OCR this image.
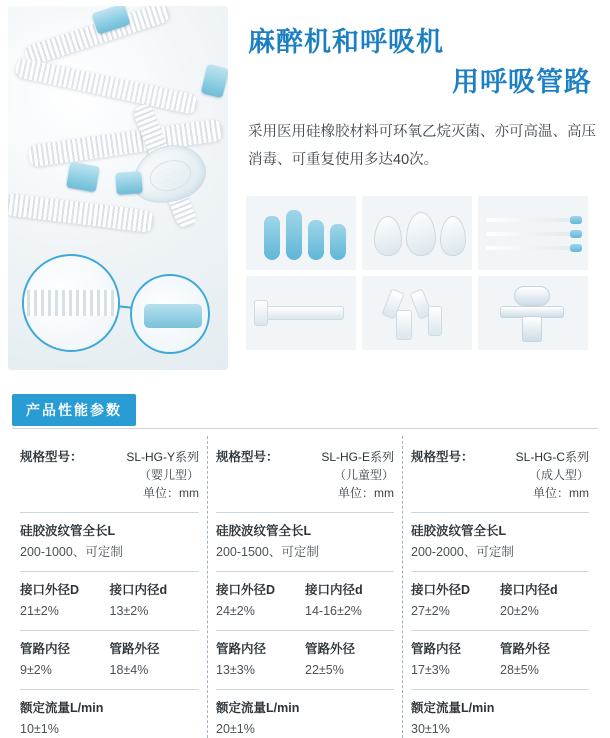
麻醉机和呼吸机
用呼吸管路
采用医用硅橡胶材料可环氧乙烷灭菌、亦可高温、高压消毒、可重复使用多达40次。
产品性能参数
规格型号：	SL-HG-Y系列
（婴儿型）
单位：mm
硅胶波纹管全长L
200-1000、可定制
接口外径D	接口内径d
21±2%	13±2%
管路内径	管路外径
9±2%	18±4%
额定流量L/min
10±1%
规格型号：	SL-HG-E系列
（儿童型）
单位：mm
硅胶波纹管全长L
200-1500、可定制
接口外径D	接口内径d
24±2%	14-16±2%
管路内径	管路外径
13±3%	22±5%
额定流量L/min
20±1%
规格型号：	SL-HG-C系列
（成人型）
单位：mm
硅胶波纹管全长L
200-2000、可定制
接口外径D	接口内径d
27±2%	20±2%
管路内径	管路外径
17±3%	28±5%
额定流量L/min
30±1%
